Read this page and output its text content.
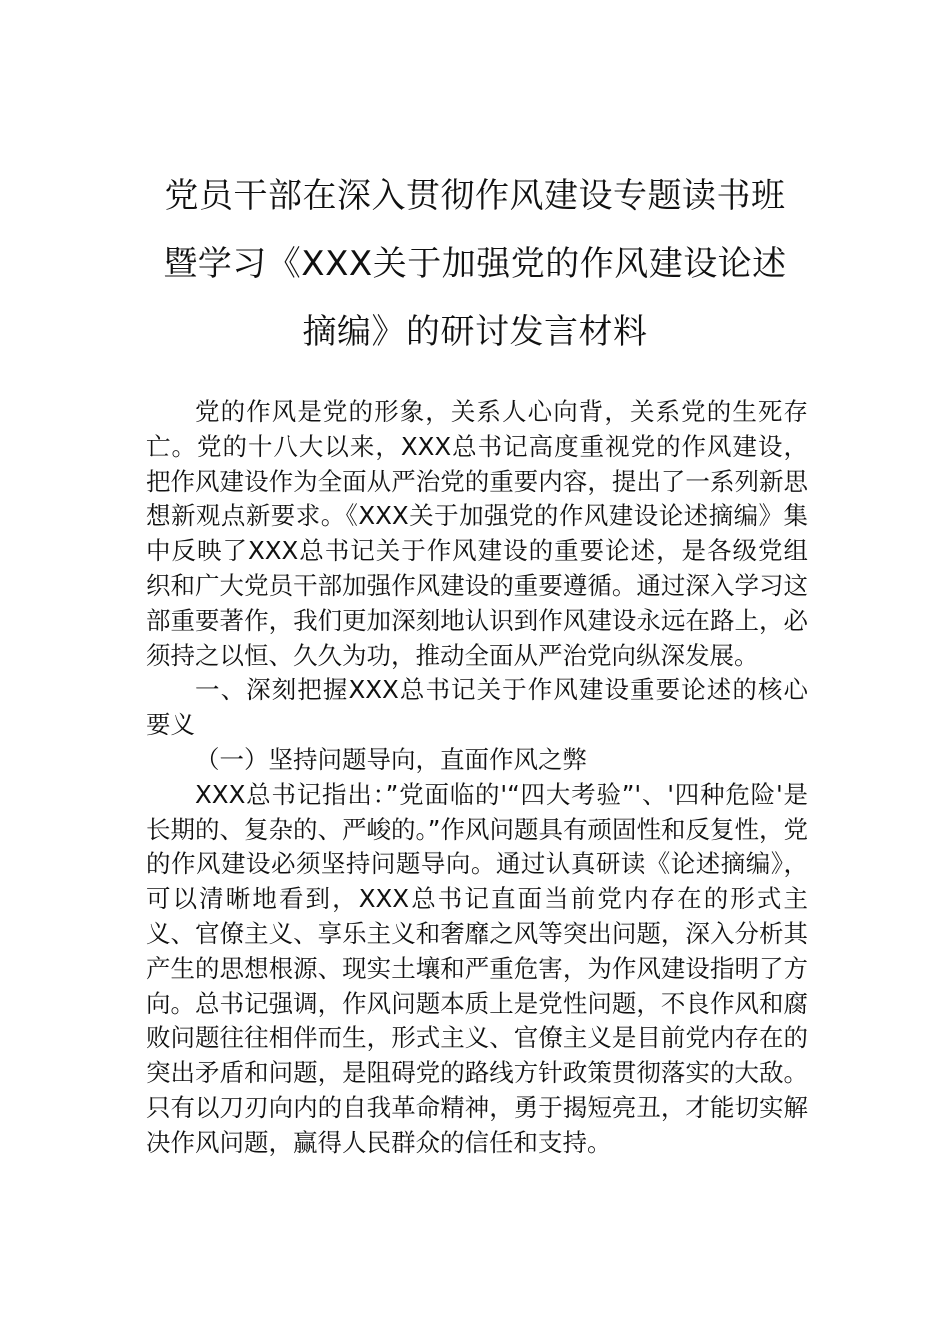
党员干部在深入贯彻作风建设专题读书班
暨学习《XXX关于加强党的作风建设论述
摘编》的研讨发言材料

党的作风是党的形象，关系人心向背，关系党的生死存亡。党的十八大以来，XXX总书记高度重视党的作风建设，把作风建设作为全面从严治党的重要内容，提出了一系列新思想新观点新要求。《XXX关于加强党的作风建设论述摘编》集中反映了XXX总书记关于作风建设的重要论述，是各级党组织和广大党员干部加强作风建设的重要遵循。通过深入学习这部重要著作，我们更加深刻地认识到作风建设永远在路上，必须持之以恒、久久为功，推动全面从严治党向纵深发展。

一、深刻把握XXX总书记关于作风建设重要论述的核心要义

（一）坚持问题导向，直面作风之弊

XXX总书记指出：”党面临的'“四大考验”'、'四种危险'是长期的、复杂的、严峻的。”作风问题具有顽固性和反复性，党的作风建设必须坚持问题导向。通过认真研读《论述摘编》，可以清晰地看到，XXX总书记直面当前党内存在的形式主义、官僚主义、享乐主义和奢靡之风等突出问题，深入分析其产生的思想根源、现实土壤和严重危害，为作风建设指明了方向。总书记强调，作风问题本质上是党性问题，不良作风和腐败问题往往相伴而生，形式主义、官僚主义是目前党内存在的突出矛盾和问题，是阻碍党的路线方针政策贯彻落实的大敌。只有以刀刃向内的自我革命精神，勇于揭短亮丑，才能切实解决作风问题，赢得人民群众的信任和支持。
